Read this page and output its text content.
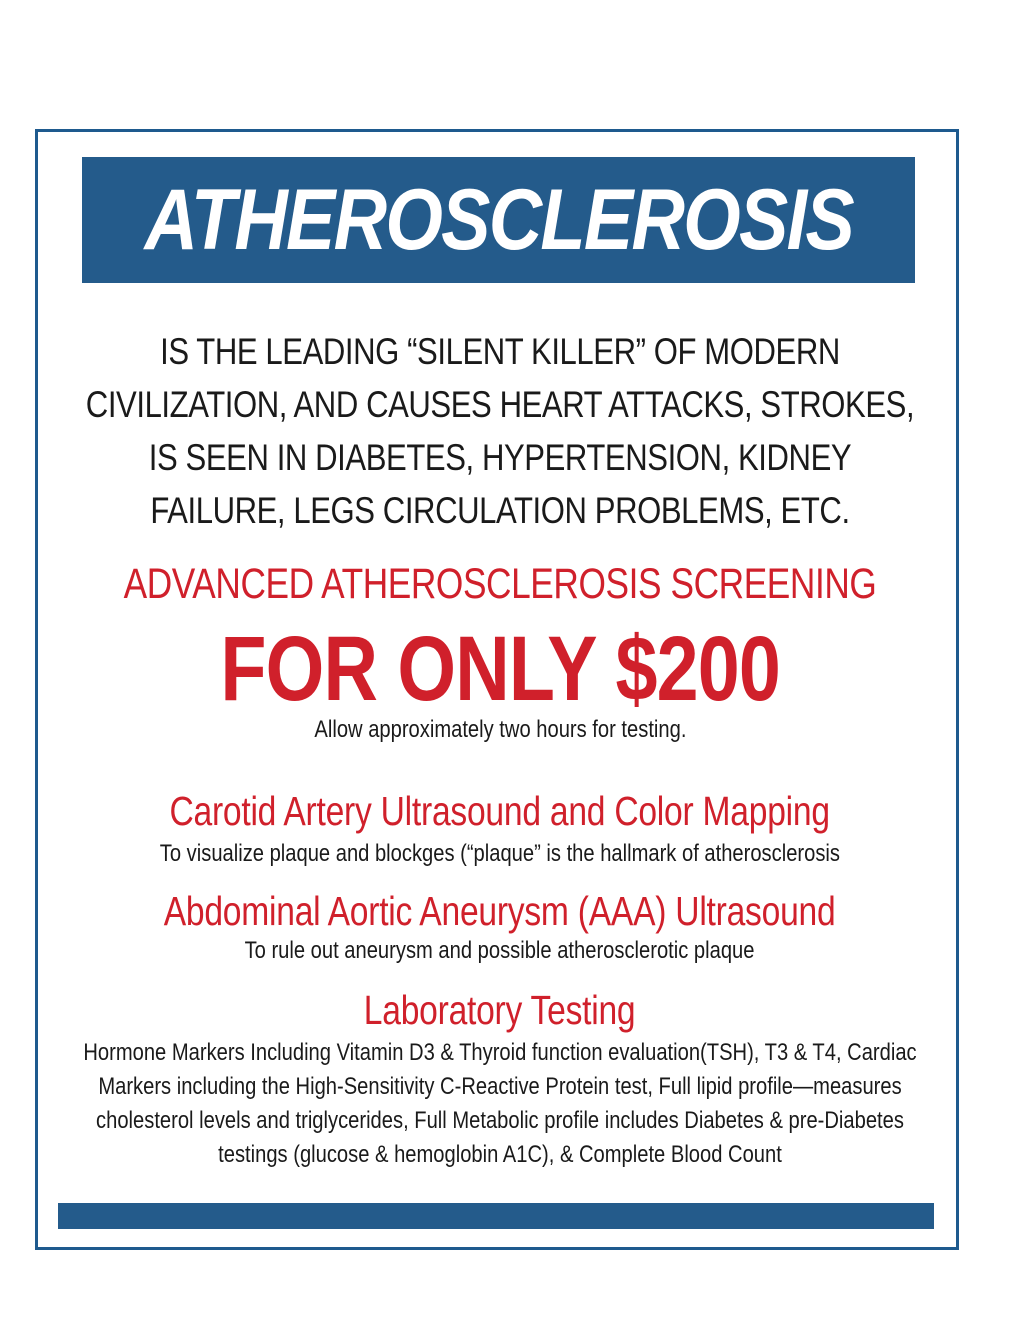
ATHEROSCLEROSIS
IS THE LEADING “SILENT KILLER” OF MODERN CIVILIZATION, AND CAUSES HEART ATTACKS, STROKES, IS SEEN IN DIABETES, HYPERTENSION, KIDNEY FAILURE, LEGS CIRCULATION PROBLEMS, ETC.
ADVANCED ATHEROSCLEROSIS SCREENING
FOR ONLY $200
Allow approximately two hours for testing.
Carotid Artery Ultrasound and Color Mapping
To visualize plaque and blockges (“plaque” is the hallmark of atherosclerosis
Abdominal Aortic Aneurysm (AAA) Ultrasound
To rule out aneurysm and possible atherosclerotic plaque
Laboratory Testing
Hormone Markers Including Vitamin D3 & Thyroid function evaluation(TSH), T3 & T4, Cardiac Markers including the High-Sensitivity C-Reactive Protein test, Full lipid profile—measures cholesterol levels and triglycerides, Full Metabolic profile includes Diabetes & pre-Diabetes testings (glucose & hemoglobin A1C), & Complete Blood Count
